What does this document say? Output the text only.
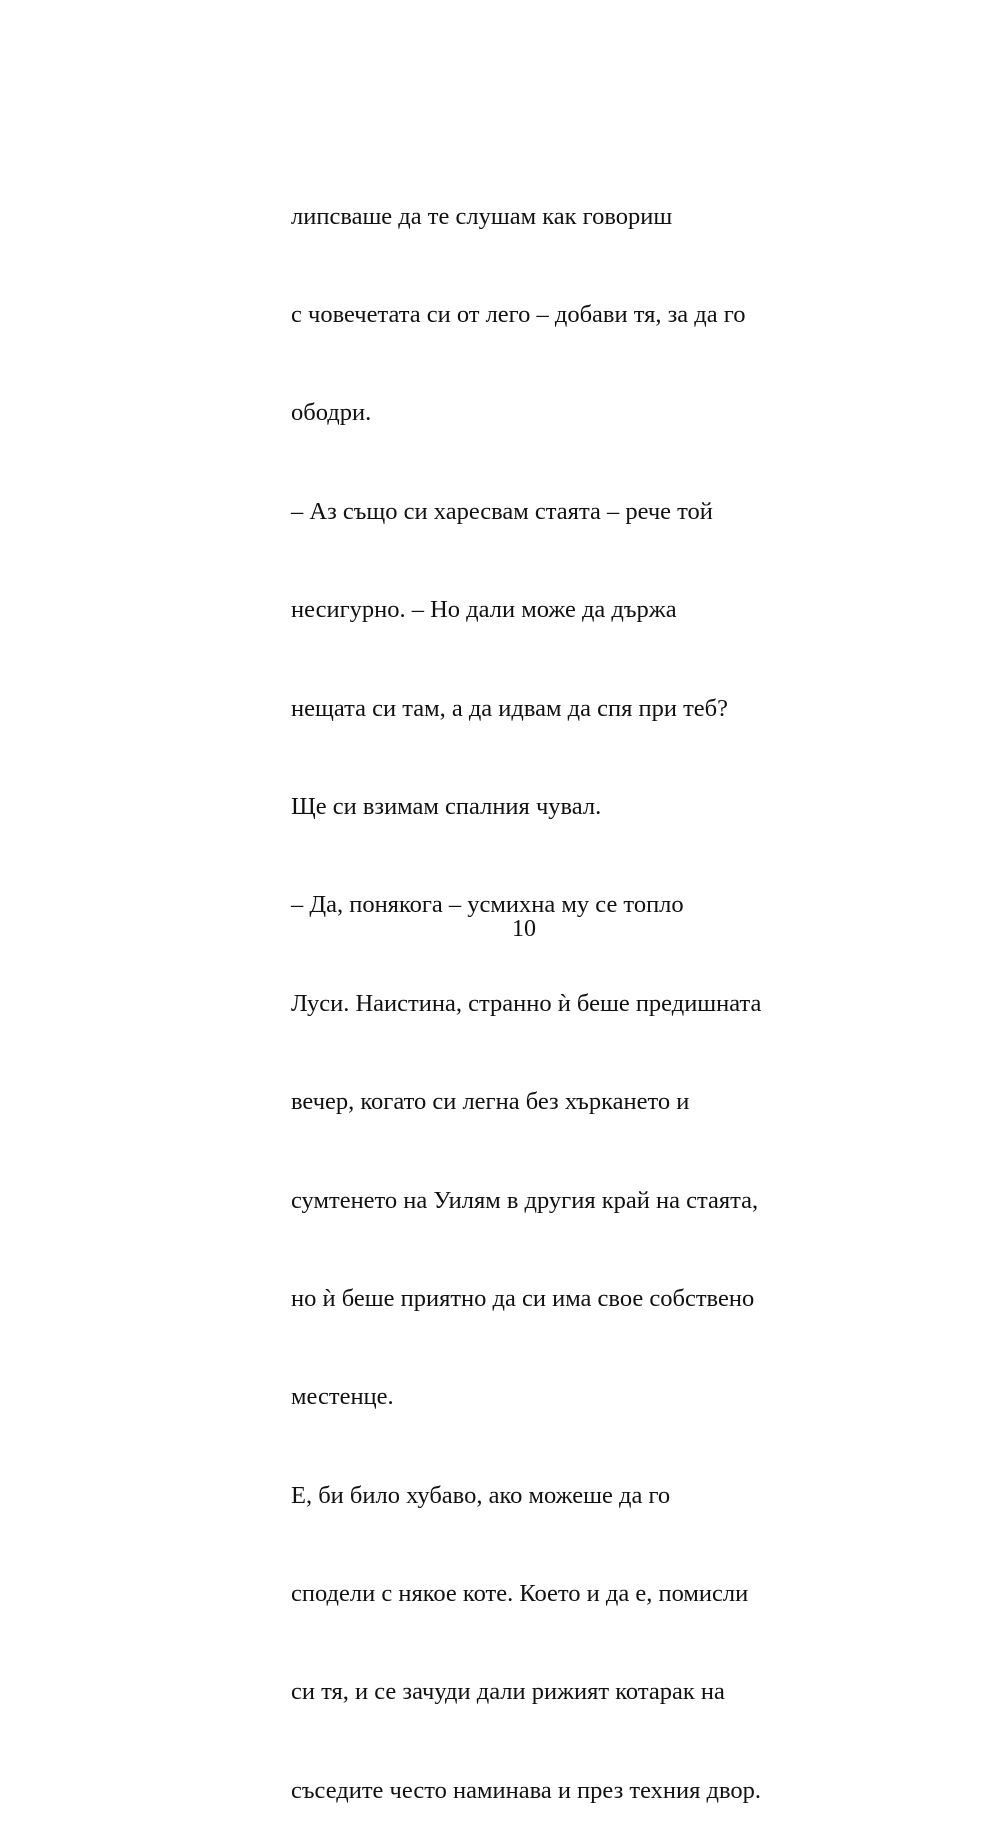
липсваше да те слушам как говориш

с човечетата си от лего – добави тя, за да го

ободри.

– Аз също си харесвам стаята – рече той

несигурно. – Но дали може да държа

нещата си там, а да идвам да спя при теб?

Ще си взимам спалния чувал.

– Да, понякога – усмихна му се топло

Луси. Наистина, странно ѝ беше предишната

вечер, когато си легна без хъркането и

сумтенето на Уилям в другия край на стаята,

но ѝ беше приятно да си има свое собствено

местенце.

Е, би било хубаво, ако можеше да го

сподели с някое коте. Което и да е, помисли

си тя, и се зачуди дали рижият котарак на

съседите често наминава и през техния двор.

10
